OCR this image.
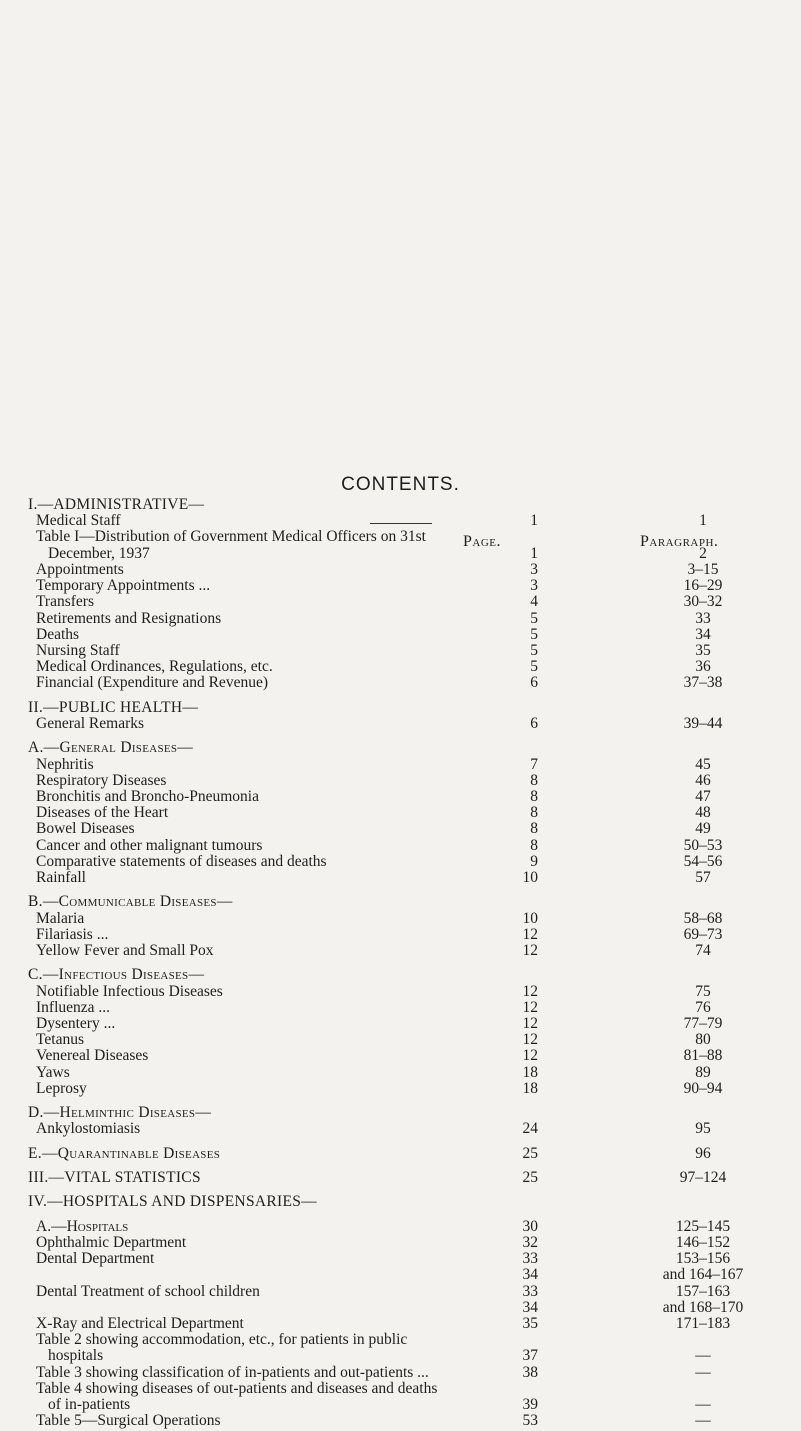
CONTENTS.
Page.	Paragraph.
I.—ADMINISTRATIVE—
Medical Staff	1	1
Table I—Distribution of Government Medical Officers on 31st
December, 1937	1	2
Appointments	3	3–15
Temporary Appointments ...	3	16–29
Transfers	4	30–32
Retirements and Resignations	5	33
Deaths	5	34
Nursing Staff	5	35
Medical Ordinances, Regulations, etc.	5	36
Financial (Expenditure and Revenue)	6	37–38
II.—PUBLIC HEALTH—
General Remarks	6	39–44
A.—General Diseases—
Nephritis	7	45
Respiratory Diseases	8	46
Bronchitis and Broncho-Pneumonia	8	47
Diseases of the Heart	8	48
Bowel Diseases	8	49
Cancer and other malignant tumours	8	50–53
Comparative statements of diseases and deaths	9	54–56
Rainfall	10	57
B.—Communicable Diseases—
Malaria	10	58–68
Filariasis ...	12	69–73
Yellow Fever and Small Pox	12	74
C.—Infectious Diseases—
Notifiable Infectious Diseases	12	75
Influenza ...	12	76
Dysentery ...	12	77–79
Tetanus	12	80
Venereal Diseases	12	81–88
Yaws	18	89
Leprosy	18	90–94
D.—Helminthic Diseases—
Ankylostomiasis	24	95
E.—Quarantinable Diseases	25	96
III.—VITAL STATISTICS	25	97–124
IV.—HOSPITALS AND DISPENSARIES—
A.—Hospitals	30	125–145
Ophthalmic Department	32	146–152
Dental Department	33	153–156
34	and 164–167
Dental Treatment of school children	33	157–163
34	and 168–170
X-Ray and Electrical Department	35	171–183
Table 2 showing accommodation, etc., for patients in public
hospitals	37	—
Table 3 showing classification of in-patients and out-patients ...	38	—
Table 4 showing diseases of out-patients and diseases and deaths
of in-patients	39	—
Table 5—Surgical Operations	53	—
